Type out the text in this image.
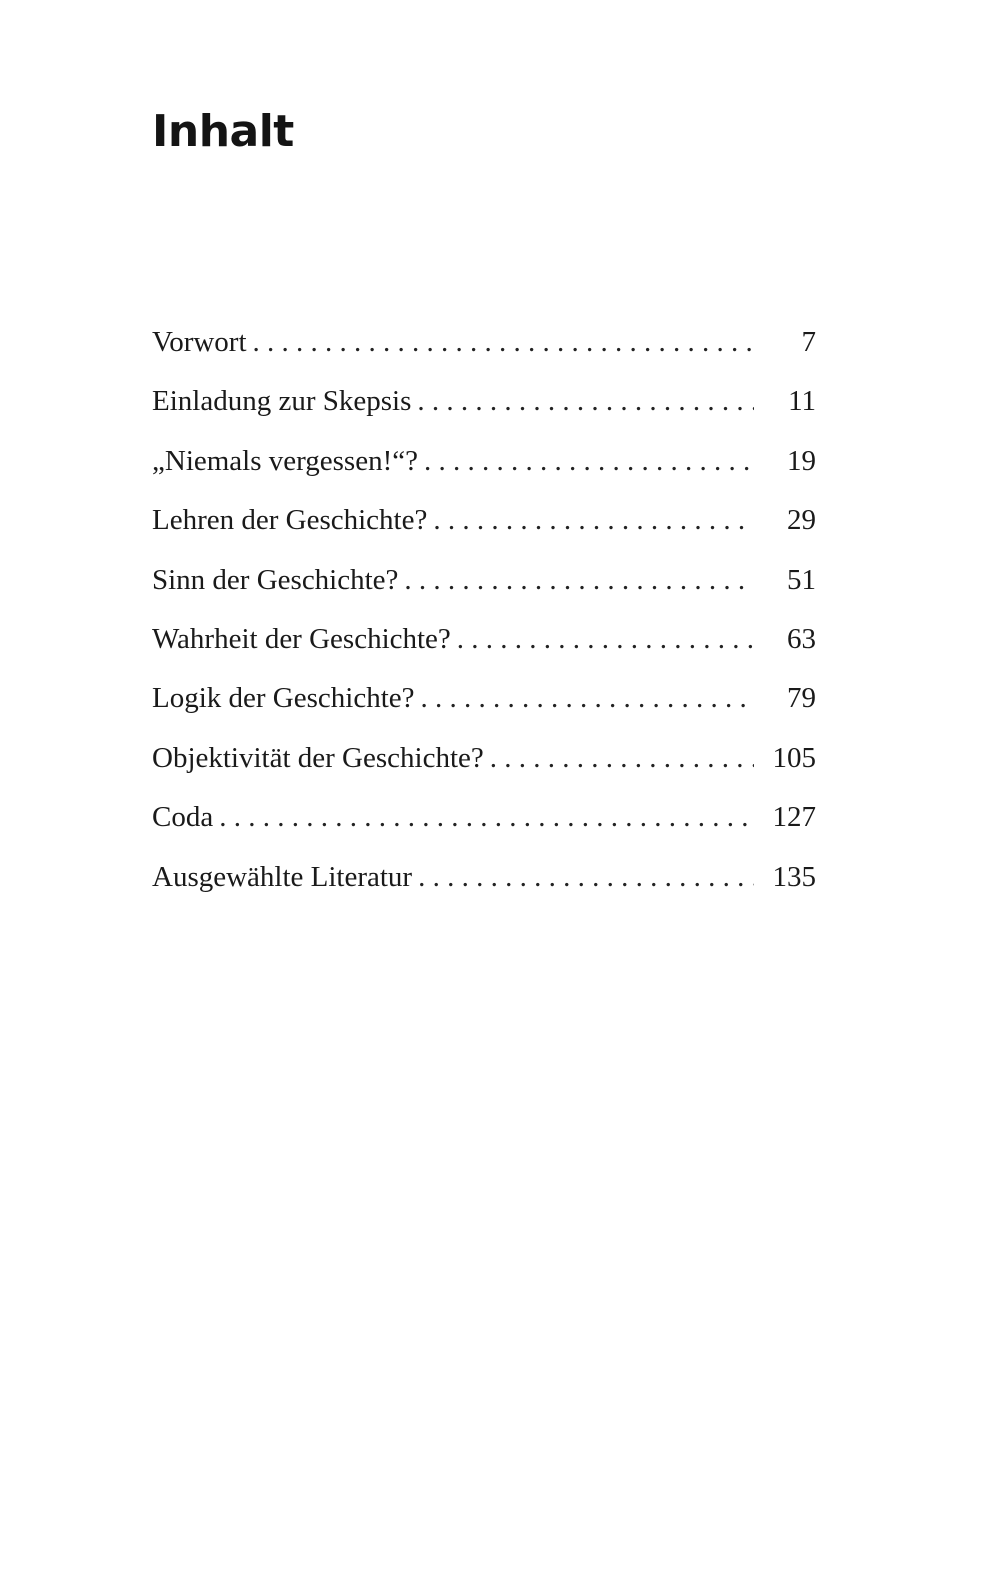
Inhalt
Vorwort . . .	7
Einladung zur Skepsis . . .	11
„Niemals vergessen!“? . . .	19
Lehren der Geschichte? . . .	29
Sinn der Geschichte? . . .	51
Wahrheit der Geschichte? . . .	63
Logik der Geschichte? . . .	79
Objektivität der Geschichte? . . .	105
Coda . . .	127
Ausgewählte Literatur . . .	135
